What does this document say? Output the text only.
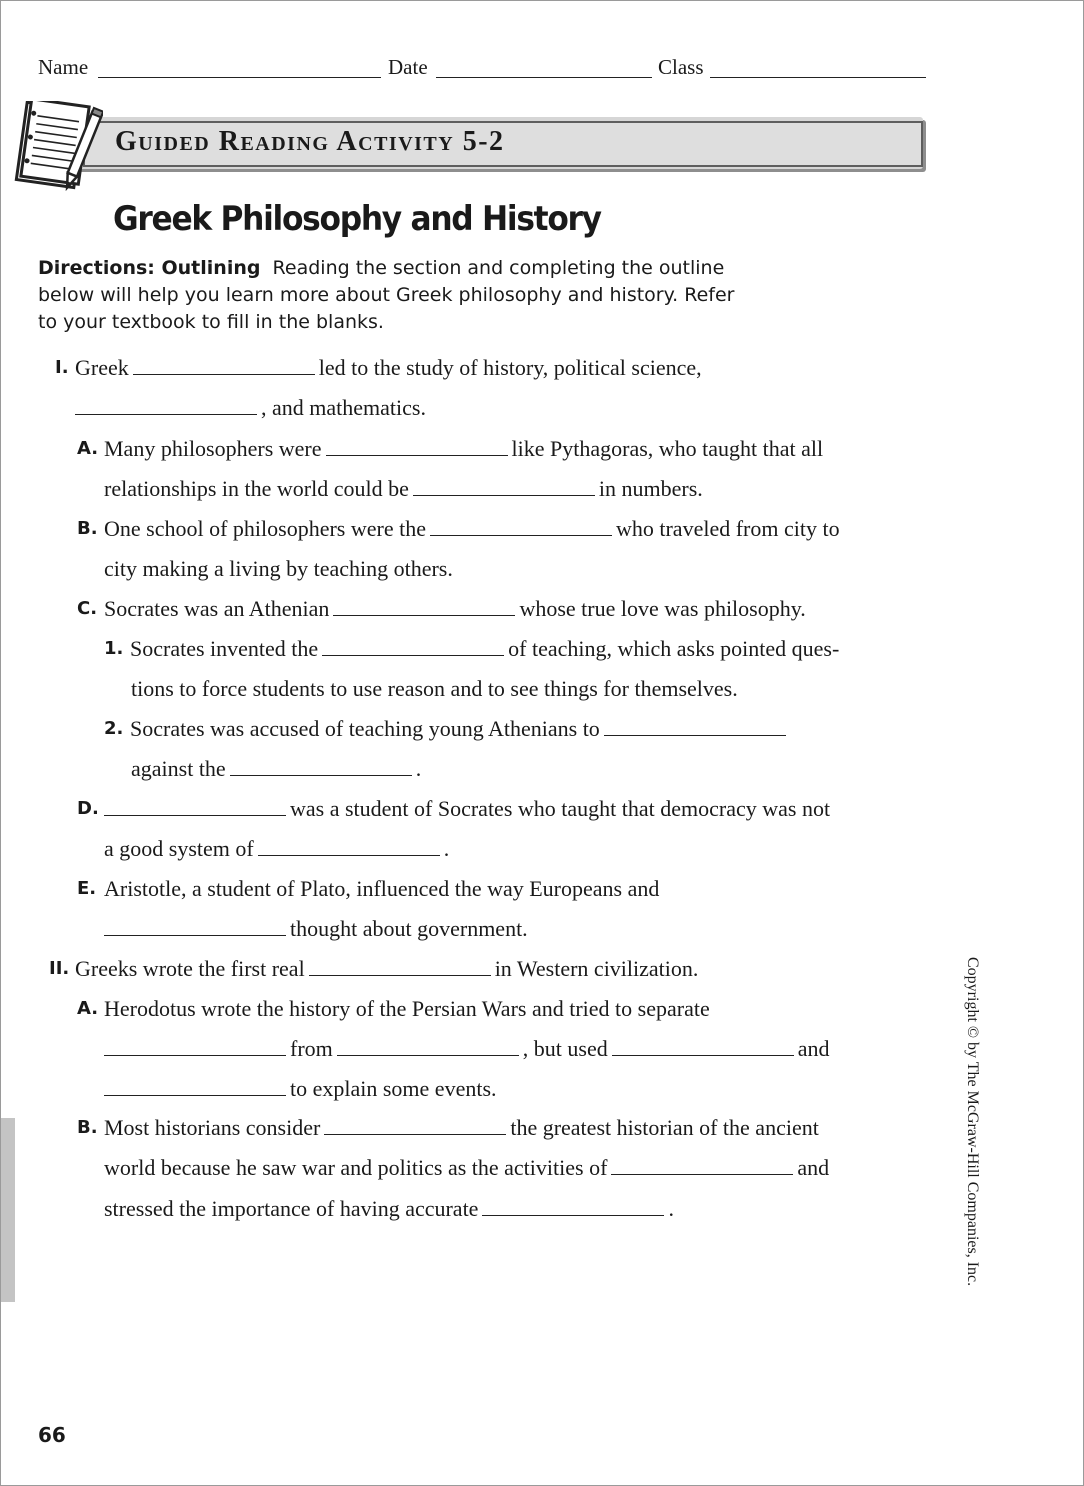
Name	Date	Class
Guided Reading Activity 5-2
Greek Philosophy and History
Directions: Outlining Reading the section and completing the outline below will help you learn more about Greek philosophy and history. Refer to your textbook to fill in the blanks.
I. Greek	led to the study of history, political science,
, and mathematics.
A. Many philosophers were	like Pythagoras, who taught that all
relationships in the world could be	in numbers.
B. One school of philosophers were the	who traveled from city to
city making a living by teaching others.
C. Socrates was an Athenian	whose true love was philosophy.
1. Socrates invented the	of teaching, which asks pointed ques-
tions to force students to use reason and to see things for themselves.
2. Socrates was accused of teaching young Athenians to
against the	.
D.	was a student of Socrates who taught that democracy was not
a good system of	.
E. Aristotle, a student of Plato, influenced the way Europeans and
thought about government.
II. Greeks wrote the first real	in Western civilization.
A. Herodotus wrote the history of the Persian Wars and tried to separate
from	, but used	and
to explain some events.
B. Most historians consider	the greatest historian of the ancient
world because he saw war and politics as the activities of	and
stressed the importance of having accurate	.	Copyright © by The McGraw-Hill Companies, Inc.
66
